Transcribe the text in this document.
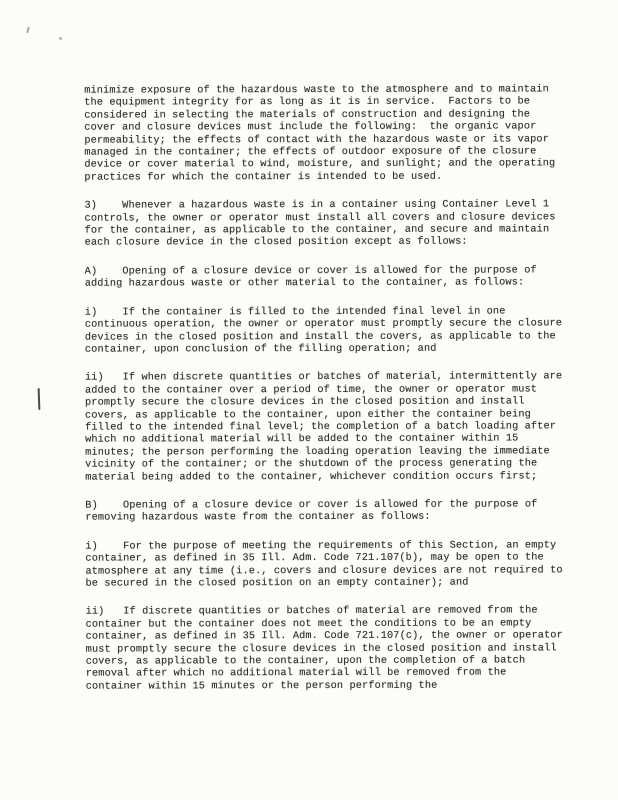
minimize exposure of the hazardous waste to the atmosphere and to maintain the equipment integrity for as long as it is in service.  Factors to be considered in selecting the materials of construction and designing the cover and closure devices must include the following:  the organic vapor permeability; the effects of contact with the hazardous waste or its vapor managed in the container; the effects of outdoor exposure of the closure device or cover material to wind, moisture, and sunlight; and the operating practices for which the container is intended to be used.

3)    Whenever a hazardous waste is in a container using Container Level 1 controls, the owner or operator must install all covers and closure devices for the container, as applicable to the container, and secure and maintain each closure device in the closed position except as follows:

A)    Opening of a closure device or cover is allowed for the purpose of adding hazardous waste or other material to the container, as follows:

i)    If the container is filled to the intended final level in one continuous operation, the owner or operator must promptly secure the closure devices in the closed position and install the covers, as applicable to the container, upon conclusion of the filling operation; and

ii)   If when discrete quantities or batches of material, intermittently are added to the container over a period of time, the owner or operator must promptly secure the closure devices in the closed position and install covers, as applicable to the container, upon either the container being filled to the intended final level; the completion of a batch loading after which no additional material will be added to the container within 15 minutes; the person performing the loading operation leaving the immediate vicinity of the container; or the shutdown of the process generating the material being added to the container, whichever condition occurs first;

B)    Opening of a closure device or cover is allowed for the purpose of removing hazardous waste from the container as follows:

i)    For the purpose of meeting the requirements of this Section, an empty container, as defined in 35 Ill. Adm. Code 721.107(b), may be open to the atmosphere at any time (i.e., covers and closure devices are not required to be secured in the closed position on an empty container); and

ii)   If discrete quantities or batches of material are removed from the container but the container does not meet the conditions to be an empty container, as defined in 35 Ill. Adm. Code 721.107(c), the owner or operator must promptly secure the closure devices in the closed position and install covers, as applicable to the container, upon the completion of a batch removal after which no additional material will be removed from the container within 15 minutes or the person performing the
